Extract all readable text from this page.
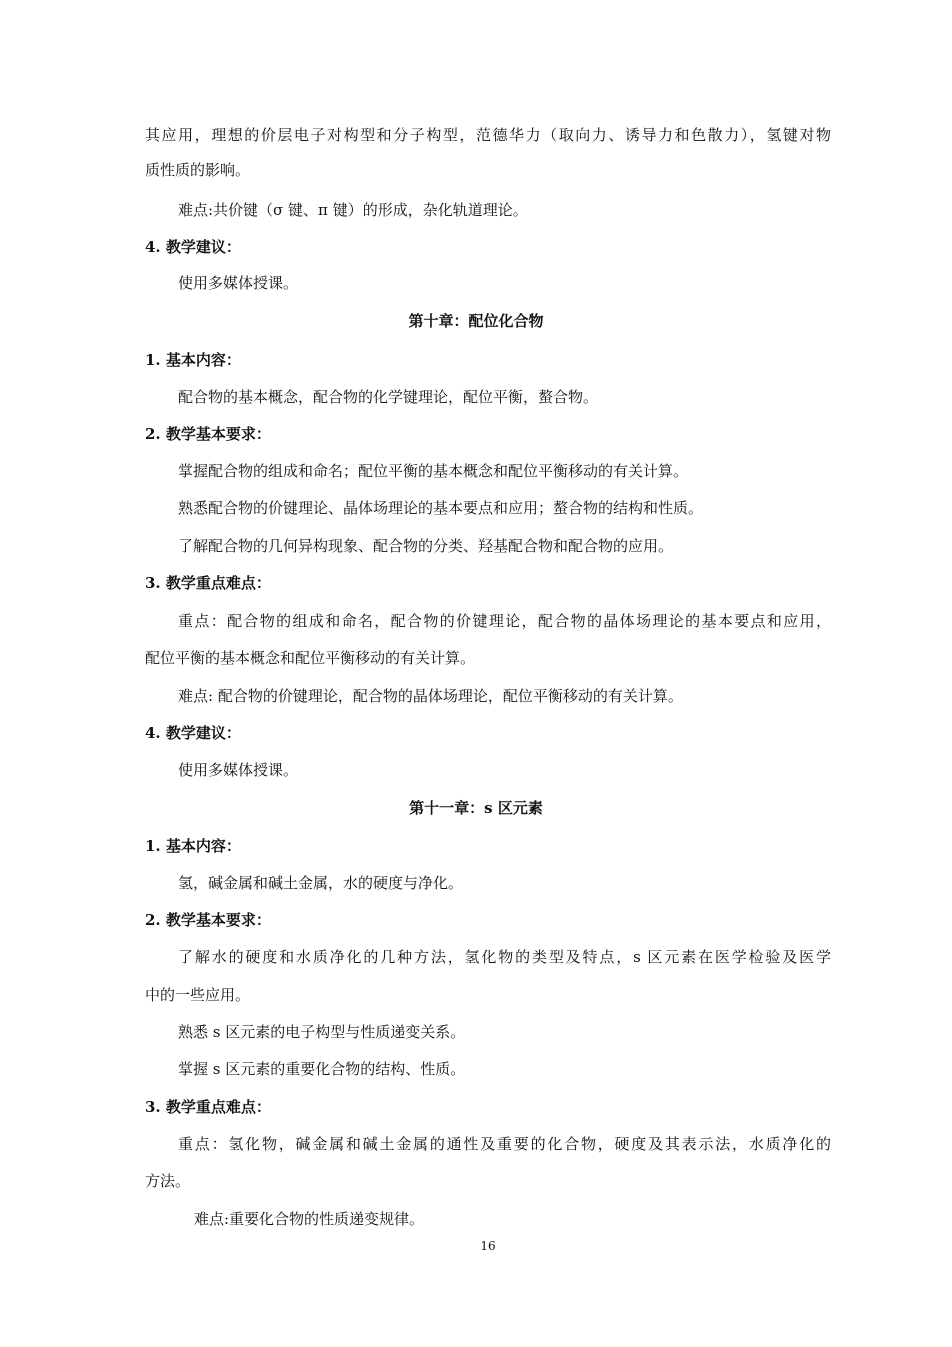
其应用，理想的价层电子对构型和分子构型，范德华力（取向力、诱导力和色散力），氢键对物
质性质的影响。
难点:共价键（σ 键、π 键）的形成，杂化轨道理论。
4. 教学建议：
使用多媒体授课。
第十章：配位化合物
1. 基本内容：
配合物的基本概念，配合物的化学键理论，配位平衡，螯合物。
2. 教学基本要求：
掌握配合物的组成和命名；配位平衡的基本概念和配位平衡移动的有关计算。
熟悉配合物的价键理论、晶体场理论的基本要点和应用；螯合物的结构和性质。
了解配合物的几何异构现象、配合物的分类、羟基配合物和配合物的应用。
3. 教学重点难点：
重点：配合物的组成和命名，配合物的价键理论，配合物的晶体场理论的基本要点和应用，
配位平衡的基本概念和配位平衡移动的有关计算。
难点: 配合物的价键理论，配合物的晶体场理论，配位平衡移动的有关计算。
4. 教学建议：
使用多媒体授课。
第十一章：s 区元素
1. 基本内容：
氢，碱金属和碱土金属，水的硬度与净化。
2. 教学基本要求：
了解水的硬度和水质净化的几种方法，氢化物的类型及特点，s 区元素在医学检验及医学
中的一些应用。
熟悉 s 区元素的电子构型与性质递变关系。
掌握 s 区元素的重要化合物的结构、性质。
3. 教学重点难点：
重点：氢化物，碱金属和碱土金属的通性及重要的化合物，硬度及其表示法，水质净化的
方法。
难点:重要化合物的性质递变规律。
16
